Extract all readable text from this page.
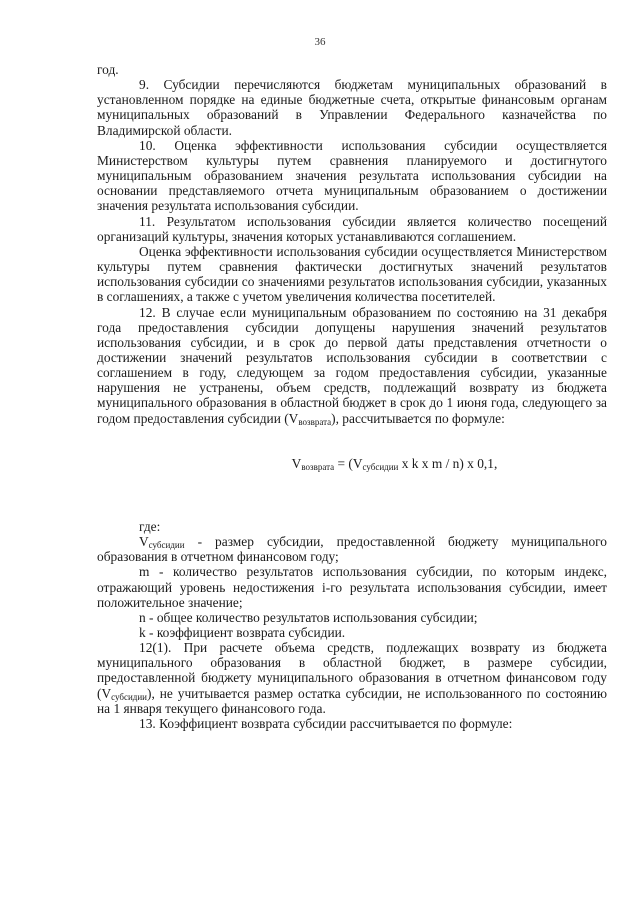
36

год.

9. Субсидии перечисляются бюджетам муниципальных образований в установленном порядке на единые бюджетные счета, открытые финансовым органам муниципальных образований в Управлении Федерального казначейства по Владимирской области.

10. Оценка эффективности использования субсидии осуществляется Министерством культуры путем сравнения планируемого и достигнутого муниципальным образованием значения результата использования субсидии на основании представляемого отчета муниципальным образованием о достижении значения результата использования субсидии.

11. Результатом использования субсидии является количество посещений организаций культуры, значения которых устанавливаются соглашением.

Оценка эффективности использования субсидии осуществляется Министерством культуры путем сравнения фактически достигнутых значений результатов использования субсидии со значениями результатов использования субсидии, указанных в соглашениях, а также с учетом увеличения количества посетителей.

12. В случае если муниципальным образованием по состоянию на 31 декабря года предоставления субсидии допущены нарушения значений результатов использования субсидии, и в срок до первой даты представления отчетности о достижении значений результатов использования субсидии в соответствии с соглашением в году, следующем за годом предоставления субсидии, указанные нарушения не устранены, объем средств, подлежащий возврату из бюджета муниципального образования в областной бюджет в срок до 1 июня года, следующего за годом предоставления субсидии $(V_{возврата})$, рассчитывается по формуле:

$V_{возврата} = (V_{субсидии}$ x k x m / n) x 0,1,

где:

$V_{субсидии}$ - размер субсидии, предоставленной бюджету муниципального образования в отчетном финансовом году;

m - количество результатов использования субсидии, по которым индекс, отражающий уровень недостижения i-го результата использования субсидии, имеет положительное значение;

n - общее количество результатов использования субсидии;

k - коэффициент возврата субсидии.

12(1). При расчете объема средств, подлежащих возврату из бюджета муниципального образования в областной бюджет, в размере субсидии, предоставленной бюджету муниципального образования в отчетном финансовом году $(V_{субсидии})$, не учитывается размер остатка субсидии, не использованного по состоянию на 1 января текущего финансового года.

13. Коэффициент возврата субсидии рассчитывается по формуле:
